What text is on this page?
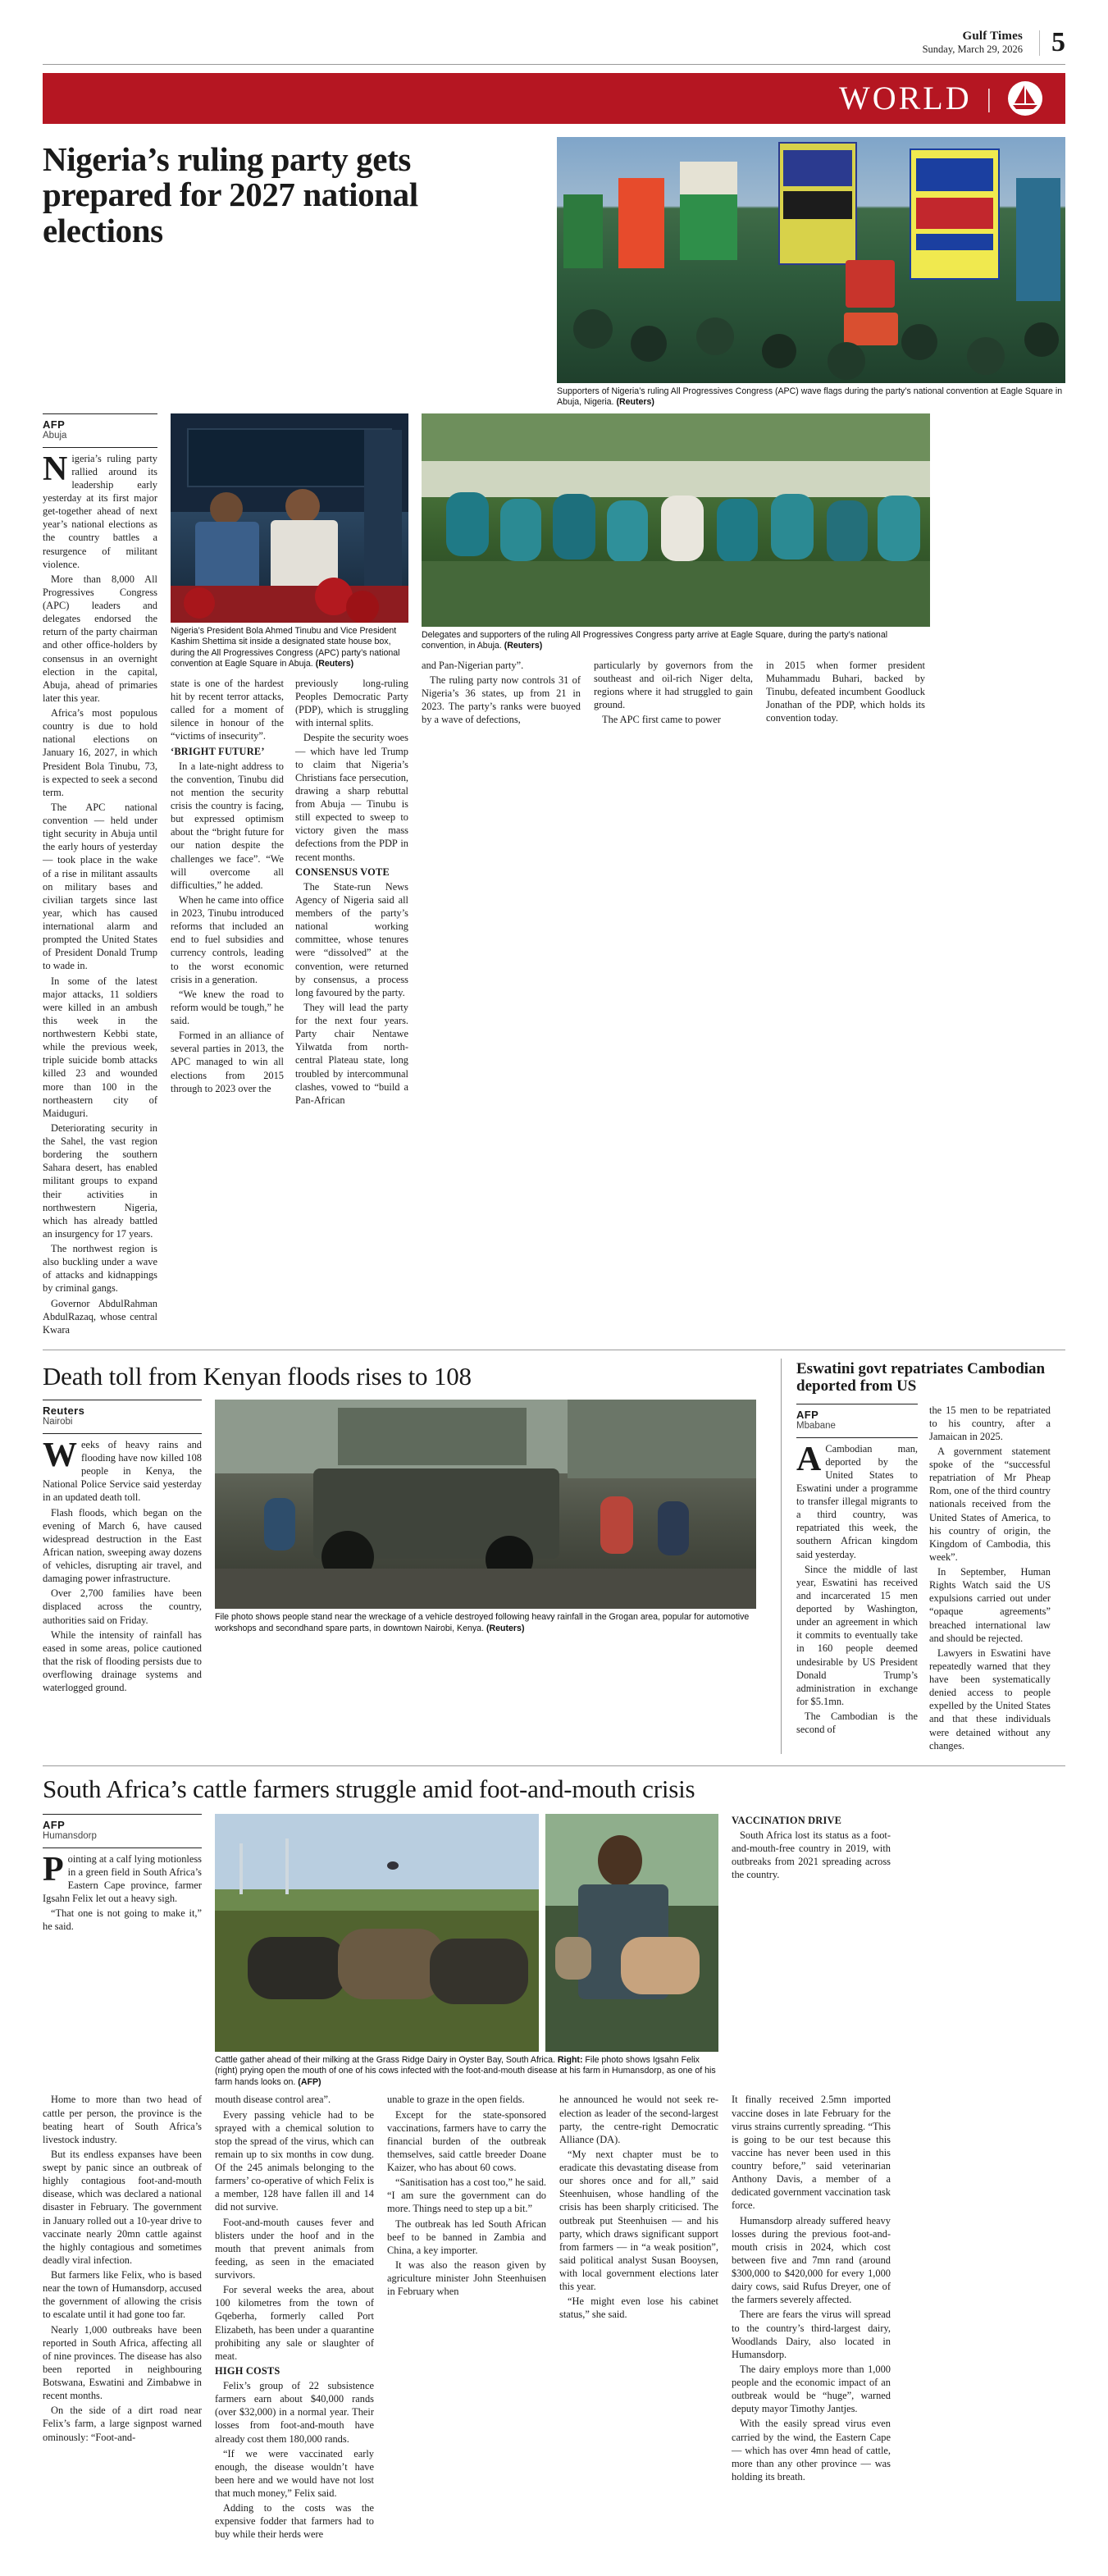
Gulf Times
Sunday, March 29, 2026	5
WORLD |
Nigeria’s ruling party gets prepared for 2027 national elections
Supporters of Nigeria’s ruling All Progressives Congress (APC) wave flags during the party’s national convention at Eagle Square in Abuja, Nigeria. (Reuters)
AFP
Abuja

Nigeria’s ruling party rallied around its leadership early yesterday at its first major get-together ahead of next year’s national elections as the country battles a resurgence of militant violence.

More than 8,000 All Progressives Congress (APC) leaders and delegates endorsed the return of the party chairman and other office-holders by consensus in an overnight election in the capital, Abuja, ahead of primaries later this year.

Africa’s most populous country is due to hold national elections on January 16, 2027, in which President Bola Tinubu, 73, is expected to seek a second term.

The APC national convention — held under tight security in Abuja until the early hours of yesterday — took place in the wake of a rise in militant assaults on military bases and civilian targets since last year, which has caused international alarm and prompted the United States of President Donald Trump to wade in.

In some of the latest major attacks, 11 soldiers were killed in an ambush this week in the northwestern Kebbi state, while the previous week, triple suicide bomb attacks killed 23 and wounded more than 100 in the northeastern city of Maiduguri.

Deteriorating security in the Sahel, the vast region bordering the southern Sahara desert, has enabled militant groups to expand their activities in northwestern Nigeria, which has already battled an insurgency for 17 years.

The northwest region is also buckling under a wave of attacks and kidnappings by criminal gangs.

Governor AbdulRahman AbdulRazaq, whose central Kwara

Nigeria’s President Bola Ahmed Tinubu and Vice President Kashim Shettima sit inside a designated state house box, during the All Progressives Congress (APC) party’s national convention at Eagle Square in Abuja. (Reuters)

state is one of the hardest hit by recent terror attacks, called for a moment of silence in honour of the “victims of insecurity”.

‘BRIGHT FUTURE’

In a late-night address to the convention, Tinubu did not mention the security crisis the country is facing, but expressed optimism about the “bright future for our nation despite the challenges we face”. “We will overcome all difficulties,” he added.

When he came into office in 2023, Tinubu introduced reforms that included an end to fuel subsidies and currency controls, leading to the worst economic crisis in a generation.

“We knew the road to reform would be tough,” he said.

Formed in an alliance of several parties in 2013, the APC managed to win all elections from 2015 through to 2023 over the

previously long-ruling Peoples Democratic Party (PDP), which is struggling with internal splits.

Despite the security woes — which have led Trump to claim that Nigeria’s Christians face persecution, drawing a sharp rebuttal from Abuja — Tinubu is still expected to sweep to victory given the mass defections from the PDP in recent months.

CONSENSUS VOTE

The State-run News Agency of Nigeria said all members of the party’s national working committee, whose tenures were “dissolved” at the convention, were returned by consensus, a process long favoured by the party.

They will lead the party for the next four years. Party chair Nentawe Yilwatda from north-central Plateau state, long troubled by intercommunal clashes, vowed to “build a Pan-African

Delegates and supporters of the ruling All Progressives Congress party arrive at Eagle Square, during the party’s national convention, in Abuja. (Reuters)

and Pan-Nigerian party”.

The ruling party now controls 31 of Nigeria’s 36 states, up from 21 in 2023. The party’s ranks were buoyed by a wave of defections,

particularly by governors from the southeast and oil-rich Niger delta, regions where it had struggled to gain ground.

The APC first came to power

in 2015 when former president Muhammadu Buhari, backed by Tinubu, defeated incumbent Goodluck Jonathan of the PDP, which holds its convention today.

Death toll from Kenyan floods rises to 108
Reuters
Nairobi

Weeks of heavy rains and flooding have now killed 108 people in Kenya, the National Police Service said yesterday in an updated death toll.

Flash floods, which began on the evening of March 6, have caused widespread destruction in the East African nation, sweeping away dozens of vehicles, disrupting air travel, and damaging power infrastructure.

Over 2,700 families have been displaced across the country, authorities said on Friday.

While the intensity of rainfall has eased in some areas, police cautioned that the risk of flooding persists due to overflowing drainage systems and waterlogged ground.

File photo shows people stand near the wreckage of a vehicle destroyed following heavy rainfall in the Grogan area, popular for automotive workshops and secondhand spare parts, in downtown Nairobi, Kenya. (Reuters)
Eswatini govt repatriates Cambodian deported from US
AFP
Mbabane

ACambodian man, deported by the United States to Eswatini under a programme to transfer illegal migrants to a third country, was repatriated this week, the southern African kingdom said yesterday.

Since the middle of last year, Eswatini has received and incarcerated 15 men deported by Washington, under an agreement in which it commits to eventually take in 160 people deemed undesirable by US President Donald Trump’s administration in exchange for $5.1mn.

The Cambodian is the second of

the 15 men to be repatriated to his country, after a Jamaican in 2025.

A government statement spoke of the “successful repatriation of Mr Pheap Rom, one of the third country nationals received from the United States of America, to his country of origin, the Kingdom of Cambodia, this week”.

In September, Human Rights Watch said the US expulsions carried out under “opaque agreements” breached international law and should be rejected.

Lawyers in Eswatini have repeatedly warned that they have been systematically denied access to people expelled by the United States and that these individuals were detained without any changes.

South Africa’s cattle farmers struggle amid foot-and-mouth crisis
AFP
Humansdorp

Pointing at a calf lying motionless in a green field in South Africa’s Eastern Cape province, farmer Igsahn Felix let out a heavy sigh.

“That one is not going to make it,” he said.

Cattle gather ahead of their milking at the Grass Ridge Dairy in Oyster Bay, South Africa. Right: File photo shows Igsahn Felix (right) prying open the mouth of one of his cows infected with the foot-and-mouth disease at his farm in Humansdorp, as one of his farm hands looks on. (AFP)

VACCINATION DRIVE

South Africa lost its status as a foot-and-mouth-free country in 2019, with outbreaks from 2021 spreading across the country.

Home to more than two head of cattle per person, the province is the beating heart of South Africa’s livestock industry.

But its endless expanses have been swept by panic since an outbreak of highly contagious foot-and-mouth disease, which was declared a national disaster in February. The government in January rolled out a 10-year drive to vaccinate nearly 20mn cattle against the highly contagious and sometimes deadly viral infection.

But farmers like Felix, who is based near the town of Humansdorp, accused the government of allowing the crisis to escalate until it had gone too far.

Nearly 1,000 outbreaks have been reported in South Africa, affecting all of nine provinces. The disease has also been reported in neighbouring Botswana, Eswatini and Zimbabwe in recent months.

On the side of a dirt road near Felix’s farm, a large signpost warned ominously: “Foot-and-

mouth disease control area”.

Every passing vehicle had to be sprayed with a chemical solution to stop the spread of the virus, which can remain up to six months in cow dung. Of the 245 animals belonging to the farmers’ co-operative of which Felix is a member, 128 have fallen ill and 14 did not survive.

Foot-and-mouth causes fever and blisters under the hoof and in the mouth that prevent animals from feeding, as seen in the emaciated survivors.

For several weeks the area, about 100 kilometres from the town of Gqeberha, formerly called Port Elizabeth, has been under a quarantine prohibiting any sale or slaughter of meat.

HIGH COSTS

Felix’s group of 22 subsistence farmers earn about $40,000 rands (over $32,000) in a normal year. Their losses from foot-and-mouth have already cost them 180,000 rands.

“If we were vaccinated early enough, the disease wouldn’t have been here and we would have not lost that much money,” Felix said.

Adding to the costs was the expensive fodder that farmers had to buy while their herds were

unable to graze in the open fields.

Except for the state-sponsored vaccinations, farmers have to carry the financial burden of the outbreak themselves, said cattle breeder Doane Kaizer, who has about 60 cows.

“Sanitisation has a cost too,” he said. “I am sure the government can do more. Things need to step up a bit.”

The outbreak has led South African beef to be banned in Zambia and China, a key importer.

It was also the reason given by agriculture minister John Steenhuisen in February when

he announced he would not seek re-election as leader of the second-largest party, the centre-right Democratic Alliance (DA).

“My next chapter must be to eradicate this devastating disease from our shores once and for all,” said Steenhuisen, whose handling of the crisis has been sharply criticised. The outbreak put Steenhuisen — and his party, which draws significant support from farmers — in “a weak position”, said political analyst Susan Booysen, with local government elections later this year.

“He might even lose his cabinet status,” she said.

It finally received 2.5mn imported vaccine doses in late February for the virus strains currently spreading. “This is going to be our test because this vaccine has never been used in this country before,” said veterinarian Anthony Davis, a member of a dedicated government vaccination task force.

Humansdorp already suffered heavy losses during the previous foot-and-mouth crisis in 2024, which cost between five and 7mn rand (around $300,000 to $420,000 for every 1,000 dairy cows, said Rufus Dreyer, one of the farmers severely affected.

There are fears the virus will spread to the country’s third-largest dairy, Woodlands Dairy, also located in Humansdorp.

The dairy employs more than 1,000 people and the economic impact of an outbreak would be “huge”, warned deputy mayor Timothy Jantjes.

With the easily spread virus even carried by the wind, the Eastern Cape — which has over 4mn head of cattle, more than any other province — was holding its breath.
